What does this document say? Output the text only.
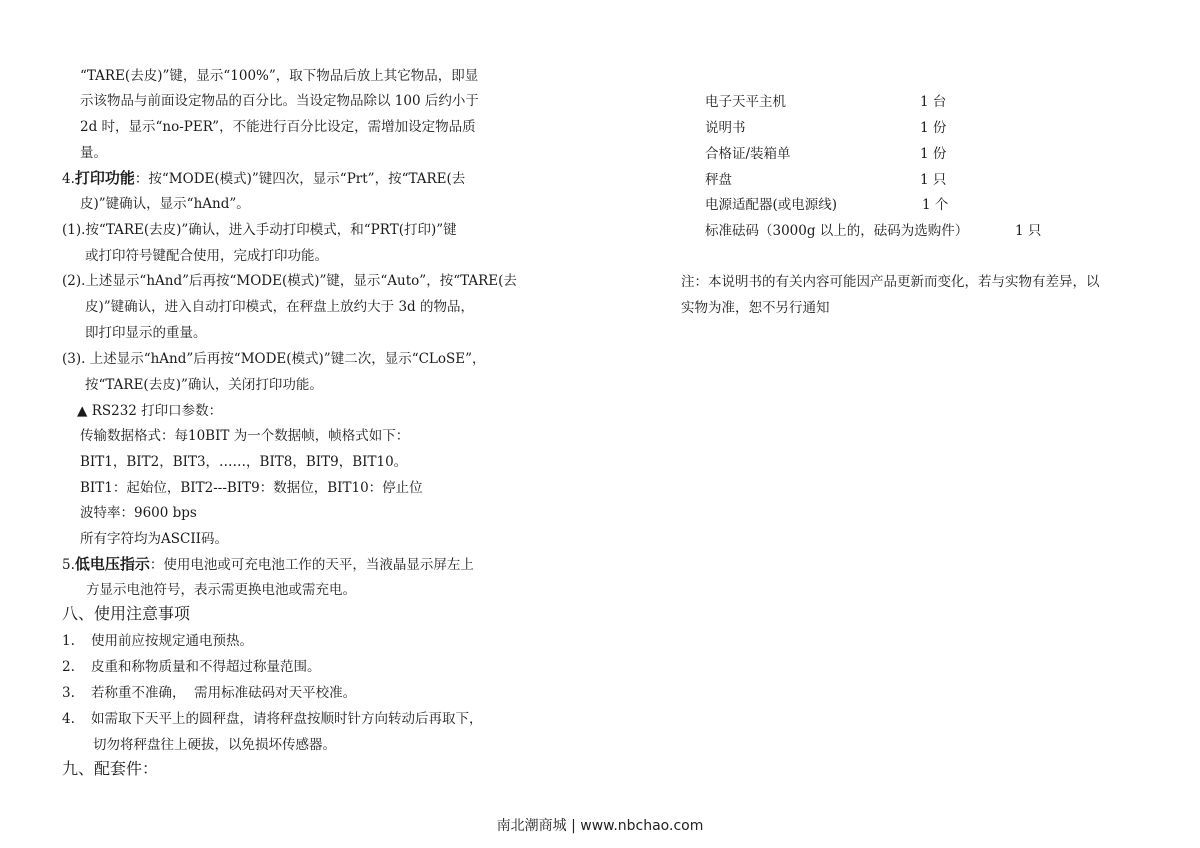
“TARE(去皮)”键，显示“100%”，取下物品后放上其它物品，即显
示该物品与前面设定物品的百分比。当设定物品除以 100 后约小于
2d 时，显示“no-PER”，不能进行百分比设定，需增加设定物品质
量。
4.打印功能：按“MODE(模式)”键四次，显示“Prt”，按“TARE(去
皮)”键确认，显示“hAnd”。
(1).按“TARE(去皮)”确认，进入手动打印模式，和“PRT(打印)”键
或打印符号键配合使用，完成打印功能。
(2).上述显示“hAnd”后再按“MODE(模式)”键，显示“Auto”，按“TARE(去
皮)”键确认，进入自动打印模式，在秤盘上放约大于 3d 的物品，
即打印显示的重量。
(3). 上述显示“hAnd”后再按“MODE(模式)”键二次，显示“CLoSE”，
按“TARE(去皮)”确认，关闭打印功能。
▲ RS232 打印口参数：
传输数据格式：每10BIT 为一个数据帧，帧格式如下：
BIT1，BIT2，BIT3，……，BIT8，BIT9，BIT10。
BIT1：起始位，BIT2---BIT9：数据位，BIT10：停止位
波特率：9600 bps
所有字符均为ASCII码。
5.低电压指示：使用电池或可充电池工作的天平，当液晶显示屏左上
方显示电池符号，表示需更换电池或需充电。
八、使用注意事项
1. 使用前应按规定通电预热。
2. 皮重和称物质量和不得超过称量范围。
3. 若称重不准确，  需用标准砝码对天平校准。
4. 如需取下天平上的圆秤盘，请将秤盘按顺时针方向转动后再取下，
切勿将秤盘往上硬拔，以免损坏传感器。
九、配套件：
电子天平主机	1 台
说明书	1 份
合格证/装箱单	1 份
秤盘	1 只
电源适配器(或电源线)	1 个
标准砝码（3000g 以上的，砝码为选购件）	1 只
注：本说明书的有关内容可能因产品更新而变化，若与实物有差异，以
实物为准，恕不另行通知
南北潮商城 | www.nbchao.com
